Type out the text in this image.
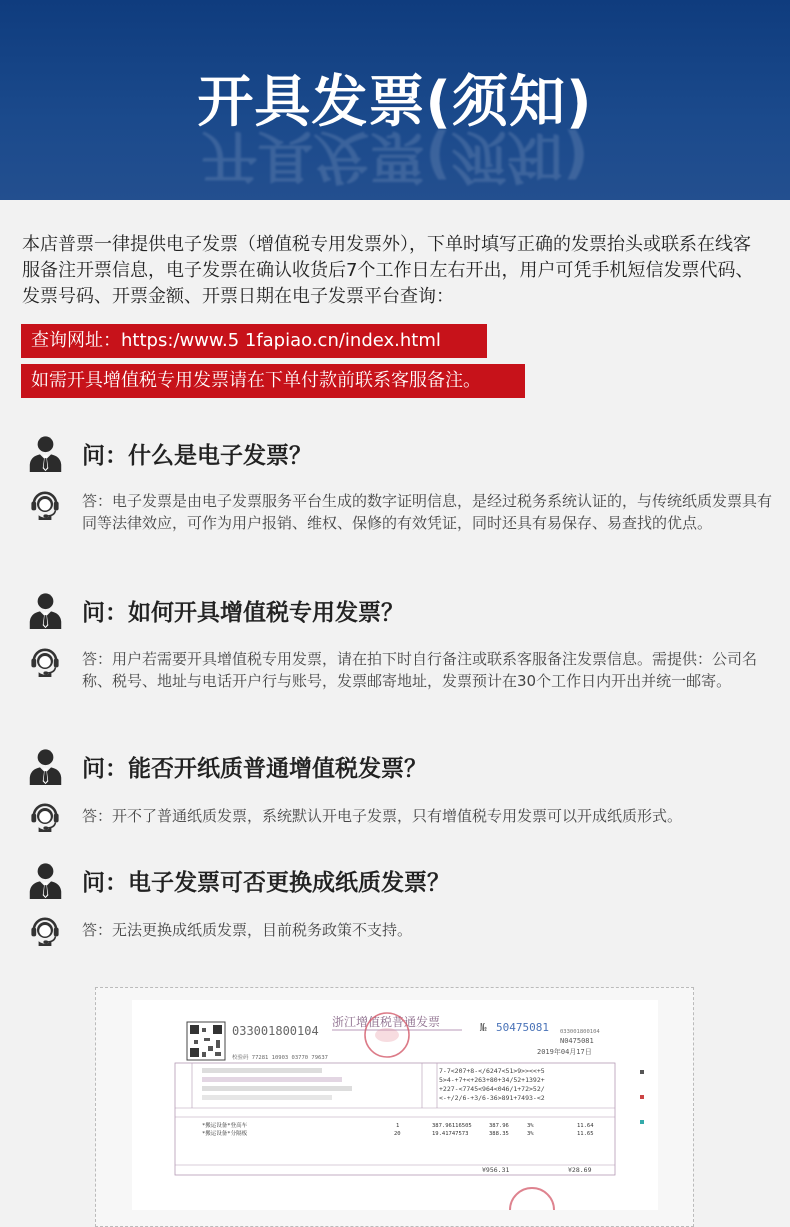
开具发票(须知)
开具发票(须知)
本店普票一律提供电子发票（增值税专用发票外），下单时填写正确的发票抬头或联系在线客服备注开票信息，电子发票在确认收货后7个工作日左右开出，用户可凭手机短信发票代码、发票号码、开票金额、开票日期在电子发票平台查询：
查询网址：https:/www.5 1fapiao.cn/index.html
如需开具增值税专用发票请在下单付款前联系客服备注。
问：什么是电子发票？
答：电子发票是由电子发票服务平台生成的数字证明信息，是经过税务系统认证的，与传统纸质发票具有同等法律效应，可作为用户报销、维权、保修的有效凭证，同时还具有易保存、易查找的优点。
问：如何开具增值税专用发票？
答：用户若需要开具增值税专用发票，请在拍下时自行备注或联系客服备注发票信息。需提供：公司名称、税号、地址与电话开户行与账号，发票邮寄地址，发票预计在30个工作日内开出并统一邮寄。
问：能否开纸质普通增值税发票？
答：开不了普通纸质发票，系统默认开电子发票，只有增值税专用发票可以开成纸质形式。
问：电子发票可否更换成纸质发票？
答：无法更换成纸质发票，目前税务政策不支持。
033001800104
浙江增值税普通发票	№ 50475081 033001800104
N0475081
2019年04月17日
校验码 77281 10903 03770 79637
7-7<207+8-</6247<51>9>><<+5
5>4-+7+<+263+80+34/52+1392+
+227-<7745<964<046/1+72>52/
<-+/2/6-+3/6-36>891+7493-<2
*搬运设备*登高车	1	387.96116505	387.96	3%	11.64
*搬运设备*分隔板	20	19.41747573	388.35	3%	11.65
¥956.31	¥28.69
